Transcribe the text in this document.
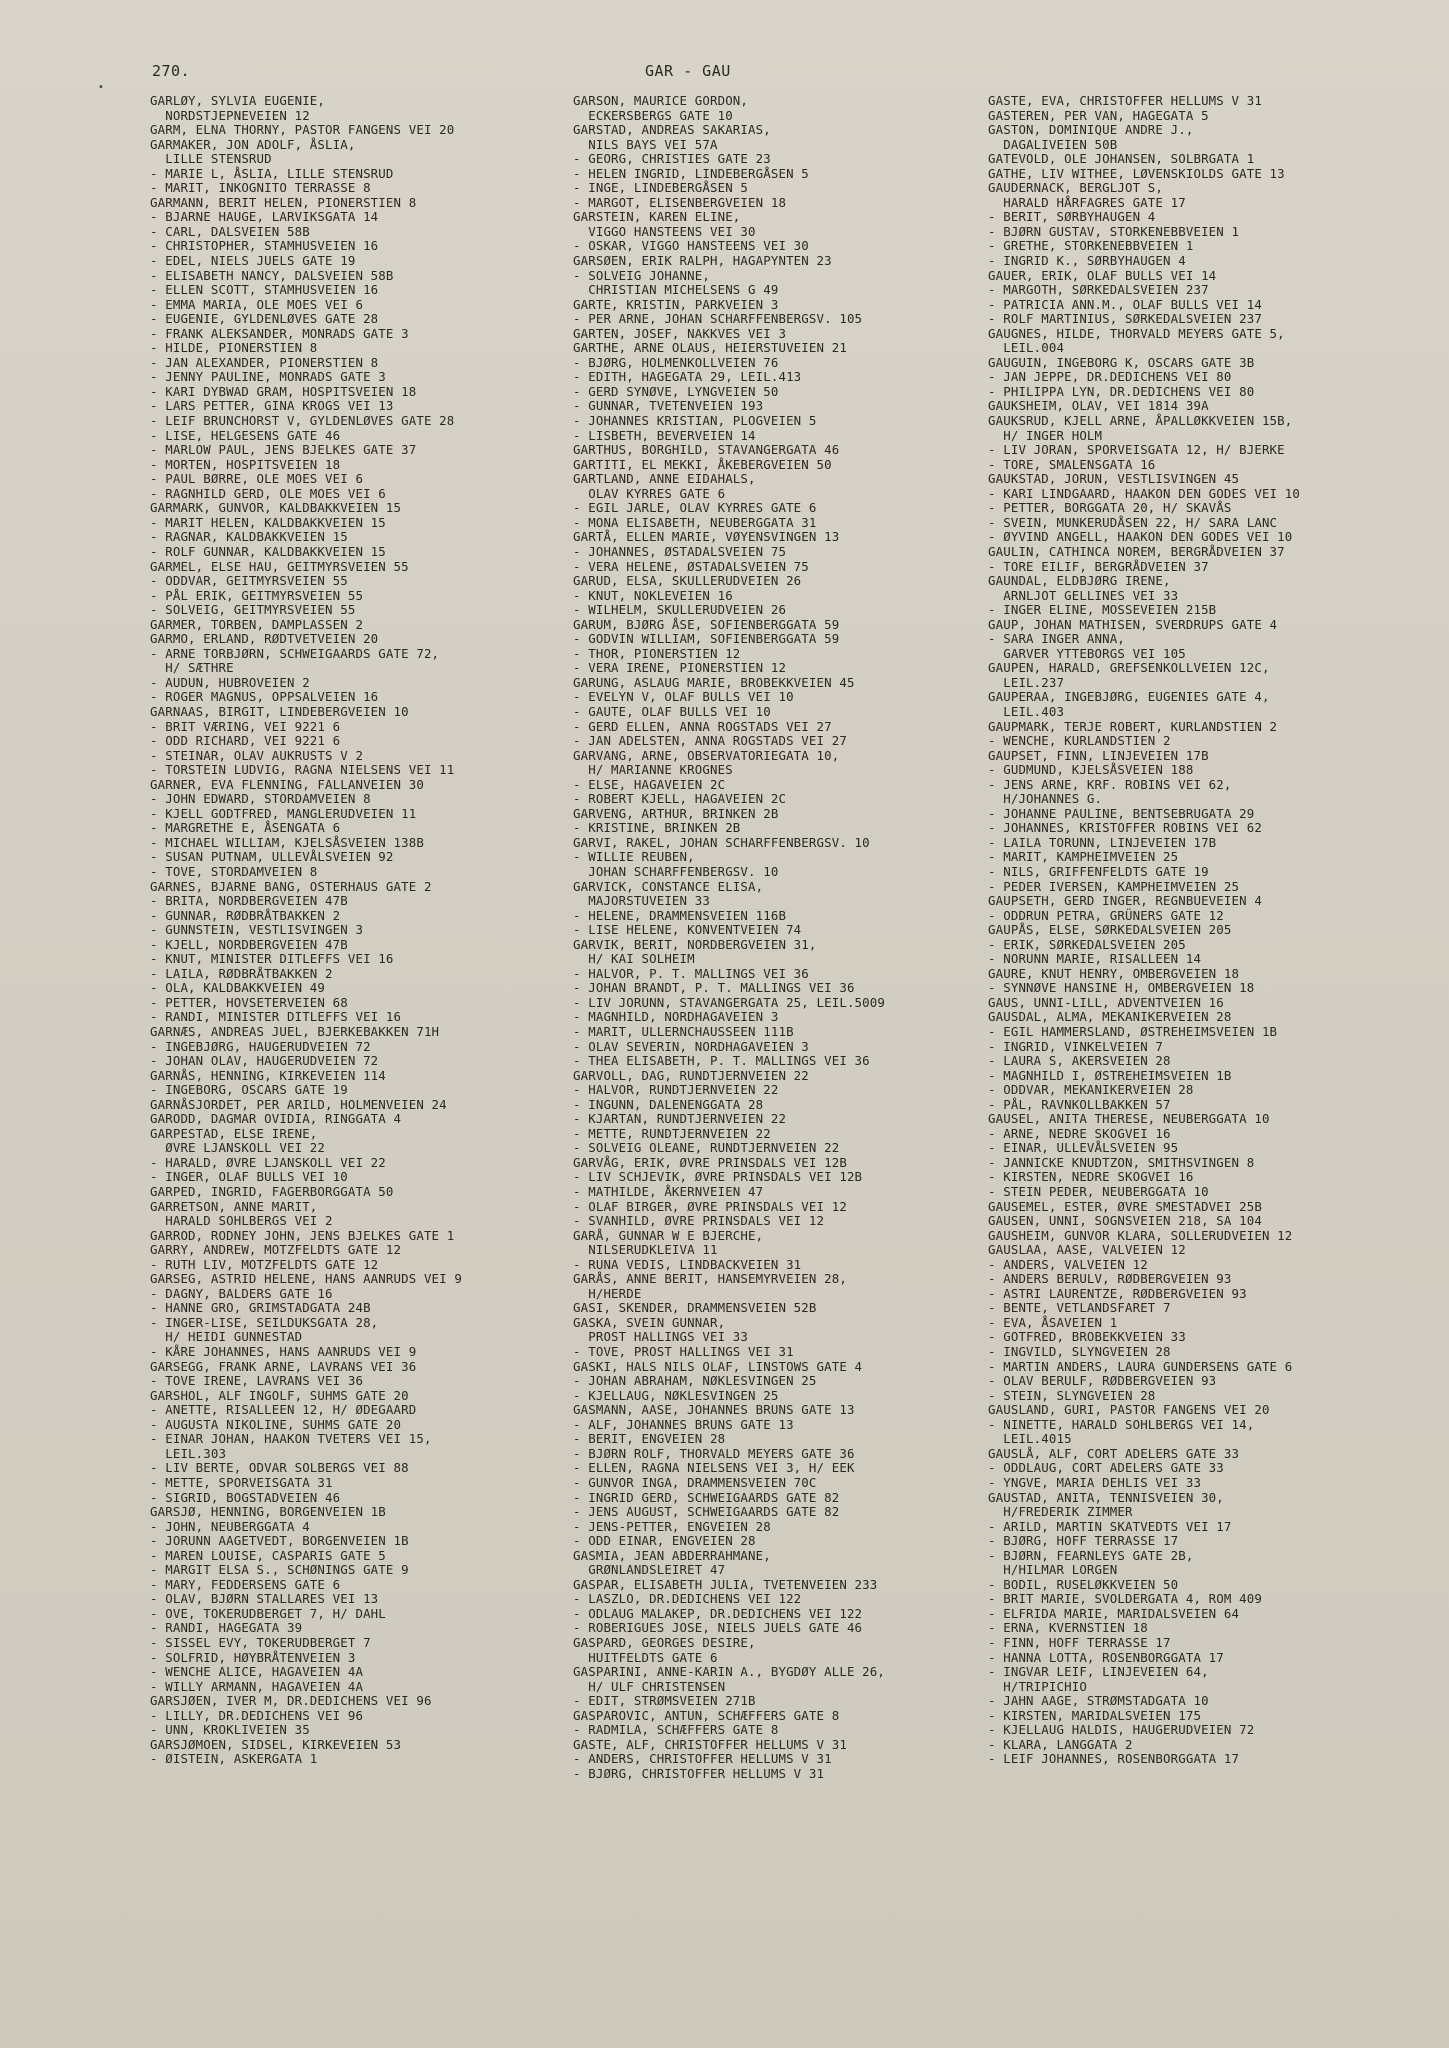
•
270.	GAR - GAU
GARLØY, SYLVIA EUGENIE,
NORDSTJEPNEVEIEN 12
GARM, ELNA THORNY, PASTOR FANGENS VEI 20
GARMAKER, JON ADOLF, ÅSLIA,
LILLE STENSRUD
- MARIE L, ÅSLIA, LILLE STENSRUD
- MARIT, INKOGNITO TERRASSE 8
GARMANN, BERIT HELEN, PIONERSTIEN 8
- BJARNE HAUGE, LARVIKSGATA 14
- CARL, DALSVEIEN 58B
- CHRISTOPHER, STAMHUSVEIEN 16
- EDEL, NIELS JUELS GATE 19
- ELISABETH NANCY, DALSVEIEN 58B
- ELLEN SCOTT, STAMHUSVEIEN 16
- EMMA MARIA, OLE MOES VEI 6
- EUGENIE, GYLDENLØVES GATE 28
- FRANK ALEKSANDER, MONRADS GATE 3
- HILDE, PIONERSTIEN 8
- JAN ALEXANDER, PIONERSTIEN 8
- JENNY PAULINE, MONRADS GATE 3
- KARI DYBWAD GRAM, HOSPITSVEIEN 18
- LARS PETTER, GINA KROGS VEI 13
- LEIF BRUNCHORST V, GYLDENLØVES GATE 28
- LISE, HELGESENS GATE 46
- MARLOW PAUL, JENS BJELKES GATE 37
- MORTEN, HOSPITSVEIEN 18
- PAUL BØRRE, OLE MOES VEI 6
- RAGNHILD GERD, OLE MOES VEI 6
GARMARK, GUNVOR, KALDBAKKVEIEN 15
- MARIT HELEN, KALDBAKKVEIEN 15
- RAGNAR, KALDBAKKVEIEN 15
- ROLF GUNNAR, KALDBAKKVEIEN 15
GARMEL, ELSE HAU, GEITMYRSVEIEN 55
- ODDVAR, GEITMYRSVEIEN 55
- PÅL ERIK, GEITMYRSVEIEN 55
- SOLVEIG, GEITMYRSVEIEN 55
GARMER, TORBEN, DAMPLASSEN 2
GARMO, ERLAND, RØDTVETVEIEN 20
- ARNE TORBJØRN, SCHWEIGAARDS GATE 72,
H/ SÆTHRE
- AUDUN, HUBROVEIEN 2
- ROGER MAGNUS, OPPSALVEIEN 16
GARNAAS, BIRGIT, LINDEBERGVEIEN 10
- BRIT VÆRING, VEI 9221 6
- ODD RICHARD, VEI 9221 6
- STEINAR, OLAV AUKRUSTS V 2
- TORSTEIN LUDVIG, RAGNA NIELSENS VEI 11
GARNER, EVA FLENNING, FALLANVEIEN 30
- JOHN EDWARD, STORDAMVEIEN 8
- KJELL GODTFRED, MANGLERUDVEIEN 11
- MARGRETHE E, ÅSENGATA 6
- MICHAEL WILLIAM, KJELSÅSVEIEN 138B
- SUSAN PUTNAM, ULLEVÅLSVEIEN 92
- TOVE, STORDAMVEIEN 8
GARNES, BJARNE BANG, OSTERHAUS GATE 2
- BRITA, NORDBERGVEIEN 47B
- GUNNAR, RØDBRÅTBAKKEN 2
- GUNNSTEIN, VESTLISVINGEN 3
- KJELL, NORDBERGVEIEN 47B
- KNUT, MINISTER DITLEFFS VEI 16
- LAILA, RØDBRÅTBAKKEN 2
- OLA, KALDBAKKVEIEN 49
- PETTER, HOVSETERVEIEN 68
- RANDI, MINISTER DITLEFFS VEI 16
GARNÆS, ANDREAS JUEL, BJERKEBAKKEN 71H
- INGEBJØRG, HAUGERUDVEIEN 72
- JOHAN OLAV, HAUGERUDVEIEN 72
GARNÅS, HENNING, KIRKEVEIEN 114
- INGEBORG, OSCARS GATE 19
GARNÅSJORDET, PER ARILD, HOLMENVEIEN 24
GARODD, DAGMAR OVIDIA, RINGGATA 4
GARPESTAD, ELSE IRENE,
ØVRE LJANSKOLL VEI 22
- HARALD, ØVRE LJANSKOLL VEI 22
- INGER, OLAF BULLS VEI 10
GARPED, INGRID, FAGERBORGGATA 50
GARRETSON, ANNE MARIT,
HARALD SOHLBERGS VEI 2
GARROD, RODNEY JOHN, JENS BJELKES GATE 1
GARRY, ANDREW, MOTZFELDTS GATE 12
- RUTH LIV, MOTZFELDTS GATE 12
GARSEG, ASTRID HELENE, HANS AANRUDS VEI 9
- DAGNY, BALDERS GATE 16
- HANNE GRO, GRIMSTADGATA 24B
- INGER-LISE, SEILDUKSGATA 28,
H/ HEIDI GUNNESTAD
- KÅRE JOHANNES, HANS AANRUDS VEI 9
GARSEGG, FRANK ARNE, LAVRANS VEI 36
- TOVE IRENE, LAVRANS VEI 36
GARSHOL, ALF INGOLF, SUHMS GATE 20
- ANETTE, RISALLEEN 12, H/ ØDEGAARD
- AUGUSTA NIKOLINE, SUHMS GATE 20
- EINAR JOHAN, HAAKON TVETERS VEI 15,
LEIL.303
- LIV BERTE, ODVAR SOLBERGS VEI 88
- METTE, SPORVEISGATA 31
- SIGRID, BOGSTADVEIEN 46
GARSJØ, HENNING, BORGENVEIEN 1B
- JOHN, NEUBERGGATA 4
- JORUNN AAGETVEDT, BORGENVEIEN 1B
- MAREN LOUISE, CASPARIS GATE 5
- MARGIT ELSA S., SCHØNINGS GATE 9
- MARY, FEDDERSENS GATE 6
- OLAV, BJØRN STALLARES VEI 13
- OVE, TOKERUDBERGET 7, H/ DAHL
- RANDI, HAGEGATA 39
- SISSEL EVY, TOKERUDBERGET 7
- SOLFRID, HØYBRÅTENVEIEN 3
- WENCHE ALICE, HAGAVEIEN 4A
- WILLY ARMANN, HAGAVEIEN 4A
GARSJØEN, IVER M, DR.DEDICHENS VEI 96
- LILLY, DR.DEDICHENS VEI 96
- UNN, KROKLIVEIEN 35
GARSJØMOEN, SIDSEL, KIRKEVEIEN 53
- ØISTEIN, ASKERGATA 1
GARSON, MAURICE GORDON,
ECKERSBERGS GATE 10
GARSTAD, ANDREAS SAKARIAS,
NILS BAYS VEI 57A
- GEORG, CHRISTIES GATE 23
- HELEN INGRID, LINDEBERGÅSEN 5
- INGE, LINDEBERGÅSEN 5
- MARGOT, ELISENBERGVEIEN 18
GARSTEIN, KAREN ELINE,
VIGGO HANSTEENS VEI 30
- OSKAR, VIGGO HANSTEENS VEI 30
GARSØEN, ERIK RALPH, HAGAPYNTEN 23
- SOLVEIG JOHANNE,
CHRISTIAN MICHELSENS G 49
GARTE, KRISTIN, PARKVEIEN 3
- PER ARNE, JOHAN SCHARFFENBERGSV. 105
GARTEN, JOSEF, NAKKVES VEI 3
GARTHE, ARNE OLAUS, HEIERSTUVEIEN 21
- BJØRG, HOLMENKOLLVEIEN 76
- EDITH, HAGEGATA 29, LEIL.413
- GERD SYNØVE, LYNGVEIEN 50
- GUNNAR, TVETENVEIEN 193
- JOHANNES KRISTIAN, PLOGVEIEN 5
- LISBETH, BEVERVEIEN 14
GARTHUS, BORGHILD, STAVANGERGATA 46
GARTITI, EL MEKKI, ÅKEBERGVEIEN 50
GARTLAND, ANNE EIDAHALS,
OLAV KYRRES GATE 6
- EGIL JARLE, OLAV KYRRES GATE 6
- MONA ELISABETH, NEUBERGGATA 31
GARTÅ, ELLEN MARIE, VØYENSVINGEN 13
- JOHANNES, ØSTADALSVEIEN 75
- VERA HELENE, ØSTADALSVEIEN 75
GARUD, ELSA, SKULLERUDVEIEN 26
- KNUT, NOKLEVEIEN 16
- WILHELM, SKULLERUDVEIEN 26
GARUM, BJØRG ÅSE, SOFIENBERGGATA 59
- GODVIN WILLIAM, SOFIENBERGGATA 59
- THOR, PIONERSTIEN 12
- VERA IRENE, PIONERSTIEN 12
GARUNG, ASLAUG MARIE, BROBEKKVEIEN 45
- EVELYN V, OLAF BULLS VEI 10
- GAUTE, OLAF BULLS VEI 10
- GERD ELLEN, ANNA ROGSTADS VEI 27
- JAN ADELSTEN, ANNA ROGSTADS VEI 27
GARVANG, ARNE, OBSERVATORIEGATA 10,
H/ MARIANNE KROGNES
- ELSE, HAGAVEIEN 2C
- ROBERT KJELL, HAGAVEIEN 2C
GARVENG, ARTHUR, BRINKEN 2B
- KRISTINE, BRINKEN 2B
GARVI, RAKEL, JOHAN SCHARFFENBERGSV. 10
- WILLIE REUBEN,
JOHAN SCHARFFENBERGSV. 10
GARVICK, CONSTANCE ELISA,
MAJORSTUVEIEN 33
- HELENE, DRAMMENSVEIEN 116B
- LISE HELENE, KONVENTVEIEN 74
GARVIK, BERIT, NORDBERGVEIEN 31,
H/ KAI SOLHEIM
- HALVOR, P. T. MALLINGS VEI 36
- JOHAN BRANDT, P. T. MALLINGS VEI 36
- LIV JORUNN, STAVANGERGATA 25, LEIL.5009
- MAGNHILD, NORDHAGAVEIEN 3
- MARIT, ULLERNCHAUSSEEN 111B
- OLAV SEVERIN, NORDHAGAVEIEN 3
- THEA ELISABETH, P. T. MALLINGS VEI 36
GARVOLL, DAG, RUNDTJERNVEIEN 22
- HALVOR, RUNDTJERNVEIEN 22
- INGUNN, DALENENGGATA 28
- KJARTAN, RUNDTJERNVEIEN 22
- METTE, RUNDTJERNVEIEN 22
- SOLVEIG OLEANE, RUNDTJERNVEIEN 22
GARVÅG, ERIK, ØVRE PRINSDALS VEI 12B
- LIV SCHJEVIK, ØVRE PRINSDALS VEI 12B
- MATHILDE, ÅKERNVEIEN 47
- OLAF BIRGER, ØVRE PRINSDALS VEI 12
- SVANHILD, ØVRE PRINSDALS VEI 12
GARÅ, GUNNAR W E BJERCHE,
NILSERUDKLEIVA 11
- RUNA VEDIS, LINDBACKVEIEN 31
GARÅS, ANNE BERIT, HANSEMYRVEIEN 28,
H/HERDE
GASI, SKENDER, DRAMMENSVEIEN 52B
GASKA, SVEIN GUNNAR,
PROST HALLINGS VEI 33
- TOVE, PROST HALLINGS VEI 31
GASKI, HALS NILS OLAF, LINSTOWS GATE 4
- JOHAN ABRAHAM, NØKLESVINGEN 25
- KJELLAUG, NØKLESVINGEN 25
GASMANN, AASE, JOHANNES BRUNS GATE 13
- ALF, JOHANNES BRUNS GATE 13
- BERIT, ENGVEIEN 28
- BJØRN ROLF, THORVALD MEYERS GATE 36
- ELLEN, RAGNA NIELSENS VEI 3, H/ EEK
- GUNVOR INGA, DRAMMENSVEIEN 70C
- INGRID GERD, SCHWEIGAARDS GATE 82
- JENS AUGUST, SCHWEIGAARDS GATE 82
- JENS-PETTER, ENGVEIEN 28
- ODD EINAR, ENGVEIEN 28
GASMIA, JEAN ABDERRAHMANE,
GRØNLANDSLEIRET 47
GASPAR, ELISABETH JULIA, TVETENVEIEN 233
- LASZLO, DR.DEDICHENS VEI 122
- ODLAUG MALAKEP, DR.DEDICHENS VEI 122
- ROBERIGUES JOSE, NIELS JUELS GATE 46
GASPARD, GEORGES DESIRE,
HUITFELDTS GATE 6
GASPARINI, ANNE-KARIN A., BYGDØY ALLE 26,
H/ ULF CHRISTENSEN
- EDIT, STRØMSVEIEN 271B
GASPAROVIC, ANTUN, SCHÆFFERS GATE 8
- RADMILA, SCHÆFFERS GATE 8
GASTE, ALF, CHRISTOFFER HELLUMS V 31
- ANDERS, CHRISTOFFER HELLUMS V 31
- BJØRG, CHRISTOFFER HELLUMS V 31
GASTE, EVA, CHRISTOFFER HELLUMS V 31
GASTEREN, PER VAN, HAGEGATA 5
GASTON, DOMINIQUE ANDRE J.,
DAGALIVEIEN 50B
GATEVOLD, OLE JOHANSEN, SOLBRGATA 1
GATHE, LIV WITHEE, LØVENSKIOLDS GATE 13
GAUDERNACK, BERGLJOT S,
HARALD HÅRFAGRES GATE 17
- BERIT, SØRBYHAUGEN 4
- BJØRN GUSTAV, STORKENEBBVEIEN 1
- GRETHE, STORKENEBBVEIEN 1
- INGRID K., SØRBYHAUGEN 4
GAUER, ERIK, OLAF BULLS VEI 14
- MARGOTH, SØRKEDALSVEIEN 237
- PATRICIA ANN.M., OLAF BULLS VEI 14
- ROLF MARTINIUS, SØRKEDALSVEIEN 237
GAUGNES, HILDE, THORVALD MEYERS GATE 5,
LEIL.004
GAUGUIN, INGEBORG K, OSCARS GATE 3B
- JAN JEPPE, DR.DEDICHENS VEI 80
- PHILIPPA LYN, DR.DEDICHENS VEI 80
GAUKSHEIM, OLAV, VEI 1814 39A
GAUKSRUD, KJELL ARNE, ÅPALLØKKVEIEN 15B,
H/ INGER HOLM
- LIV JORAN, SPORVEISGATA 12, H/ BJERKE
- TORE, SMALENSGATA 16
GAUKSTAD, JORUN, VESTLISVINGEN 45
- KARI LINDGAARD, HAAKON DEN GODES VEI 10
- PETTER, BORGGATA 20, H/ SKAVÅS
- SVEIN, MUNKERUDÅSEN 22, H/ SARA LANC
- ØYVIND ANGELL, HAAKON DEN GODES VEI 10
GAULIN, CATHINCA NOREM, BERGRÅDVEIEN 37
- TORE EILIF, BERGRÅDVEIEN 37
GAUNDAL, ELDBJØRG IRENE,
ARNLJOT GELLINES VEI 33
- INGER ELINE, MOSSEVEIEN 215B
GAUP, JOHAN MATHISEN, SVERDRUPS GATE 4
- SARA INGER ANNA,
GARVER YTTEBORGS VEI 105
GAUPEN, HARALD, GREFSENKOLLVEIEN 12C,
LEIL.237
GAUPERAA, INGEBJØRG, EUGENIES GATE 4,
LEIL.403
GAUPMARK, TERJE ROBERT, KURLANDSTIEN 2
- WENCHE, KURLANDSTIEN 2
GAUPSET, FINN, LINJEVEIEN 17B
- GUDMUND, KJELSÅSVEIEN 188
- JENS ARNE, KRF. ROBINS VEI 62,
H/JOHANNES G.
- JOHANNE PAULINE, BENTSEBRUGATA 29
- JOHANNES, KRISTOFFER ROBINS VEI 62
- LAILA TORUNN, LINJEVEIEN 17B
- MARIT, KAMPHEIMVEIEN 25
- NILS, GRIFFENFELDTS GATE 19
- PEDER IVERSEN, KAMPHEIMVEIEN 25
GAUPSETH, GERD INGER, REGNBUEVEIEN 4
- ODDRUN PETRA, GRÜNERS GATE 12
GAUPÅS, ELSE, SØRKEDALSVEIEN 205
- ERIK, SØRKEDALSVEIEN 205
- NORUNN MARIE, RISALLEEN 14
GAURE, KNUT HENRY, OMBERGVEIEN 18
- SYNNØVE HANSINE H, OMBERGVEIEN 18
GAUS, UNNI-LILL, ADVENTVEIEN 16
GAUSDAL, ALMA, MEKANIKERVEIEN 28
- EGIL HAMMERSLAND, ØSTREHEIMSVEIEN 1B
- INGRID, VINKELVEIEN 7
- LAURA S, AKERSVEIEN 28
- MAGNHILD I, ØSTREHEIMSVEIEN 1B
- ODDVAR, MEKANIKERVEIEN 28
- PÅL, RAVNKOLLBAKKEN 57
GAUSEL, ANITA THERESE, NEUBERGGATA 10
- ARNE, NEDRE SKOGVEI 16
- EINAR, ULLEVÅLSVEIEN 95
- JANNICKE KNUDTZON, SMITHSVINGEN 8
- KIRSTEN, NEDRE SKOGVEI 16
- STEIN PEDER, NEUBERGGATA 10
GAUSEMEL, ESTER, ØVRE SMESTADVEI 25B
GAUSEN, UNNI, SOGNSVEIEN 218, SA 104
GAUSHEIM, GUNVOR KLARA, SOLLERUDVEIEN 12
GAUSLAA, AASE, VALVEIEN 12
- ANDERS, VALVEIEN 12
- ANDERS BERULV, RØDBERGVEIEN 93
- ASTRI LAURENTZE, RØDBERGVEIEN 93
- BENTE, VETLANDSFARET 7
- EVA, ÅSAVEIEN 1
- GOTFRED, BROBEKKVEIEN 33
- INGVILD, SLYNGVEIEN 28
- MARTIN ANDERS, LAURA GUNDERSENS GATE 6
- OLAV BERULF, RØDBERGVEIEN 93
- STEIN, SLYNGVEIEN 28
GAUSLAND, GURI, PASTOR FANGENS VEI 20
- NINETTE, HARALD SOHLBERGS VEI 14,
LEIL.4015
GAUSLÅ, ALF, CORT ADELERS GATE 33
- ODDLAUG, CORT ADELERS GATE 33
- YNGVE, MARIA DEHLIS VEI 33
GAUSTAD, ANITA, TENNISVEIEN 30,
H/FREDERIK ZIMMER
- ARILD, MARTIN SKATVEDTS VEI 17
- BJØRG, HOFF TERRASSE 17
- BJØRN, FEARNLEYS GATE 2B,
H/HILMAR LORGEN
- BODIL, RUSELØKKVEIEN 50
- BRIT MARIE, SVOLDERGATA 4, ROM 409
- ELFRIDA MARIE, MARIDALSVEIEN 64
- ERNA, KVERNSTIEN 18
- FINN, HOFF TERRASSE 17
- HANNA LOTTA, ROSENBORGGATA 17
- INGVAR LEIF, LINJEVEIEN 64,
H/TRIPICHIO
- JAHN AAGE, STRØMSTADGATA 10
- KIRSTEN, MARIDALSVEIEN 175
- KJELLAUG HALDIS, HAUGERUDVEIEN 72
- KLARA, LANGGATA 2
- LEIF JOHANNES, ROSENBORGGATA 17
